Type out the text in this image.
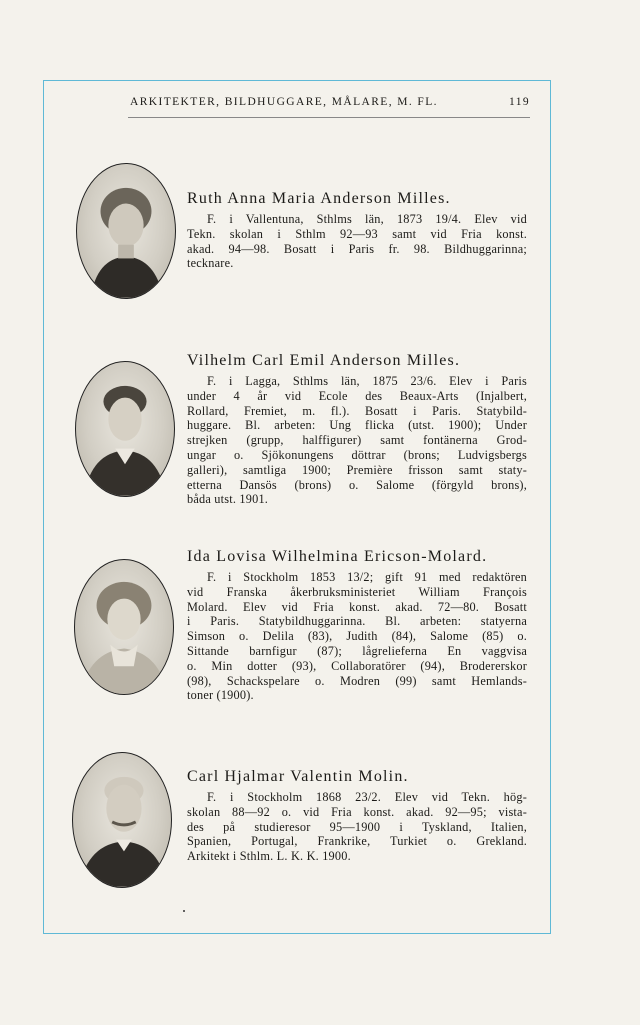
ARKITEKTER, BILDHUGGARE, MÅLARE, M. FL.	119
Ruth Anna Maria Anderson Milles.
F. i Vallentuna, Sthlms län, 1873 19/4. Elev vid
Tekn. skolan i Sthlm 92—93 samt vid Fria konst.
akad. 94—98. Bosatt i Paris fr. 98. Bildhuggarinna;
tecknare.
Vilhelm Carl Emil Anderson Milles.
F. i Lagga, Sthlms län, 1875 23/6. Elev i Paris
under 4 år vid Ecole des Beaux-Arts (Injalbert,
Rollard, Fremiet, m. fl.). Bosatt i Paris. Statybild-
huggare. Bl. arbeten: Ung flicka (utst. 1900); Under
strejken (grupp, halffigurer) samt fontänerna Grod-
ungar o. Sjökonungens döttrar (brons; Ludvigsbergs
galleri), samtliga 1900; Première frisson samt staty-
etterna Dansös (brons) o. Salome (förgyld brons),
båda utst. 1901.
Ida Lovisa Wilhelmina Ericson-Molard.
F. i Stockholm 1853 13/2; gift 91 med redaktören
vid Franska åkerbruksministeriet William François
Molard. Elev vid Fria konst. akad. 72—80. Bosatt
i Paris. Statybildhuggarinna. Bl. arbeten: statyerna
Simson o. Delila (83), Judith (84), Salome (85) o.
Sittande barnfigur (87); lågrelieferna En vaggvisa
o. Min dotter (93), Collaboratörer (94), Brodererskor
(98), Schackspelare o. Modren (99) samt Hemlands-
toner (1900).
Carl Hjalmar Valentin Molin.
F. i Stockholm 1868 23/2. Elev vid Tekn. hög-
skolan 88—92 o. vid Fria konst. akad. 92—95; vista-
des på studieresor 95—1900 i Tyskland, Italien,
Spanien, Portugal, Frankrike, Turkiet o. Grekland.
Arkitekt i Sthlm. L. K. K. 1900.
